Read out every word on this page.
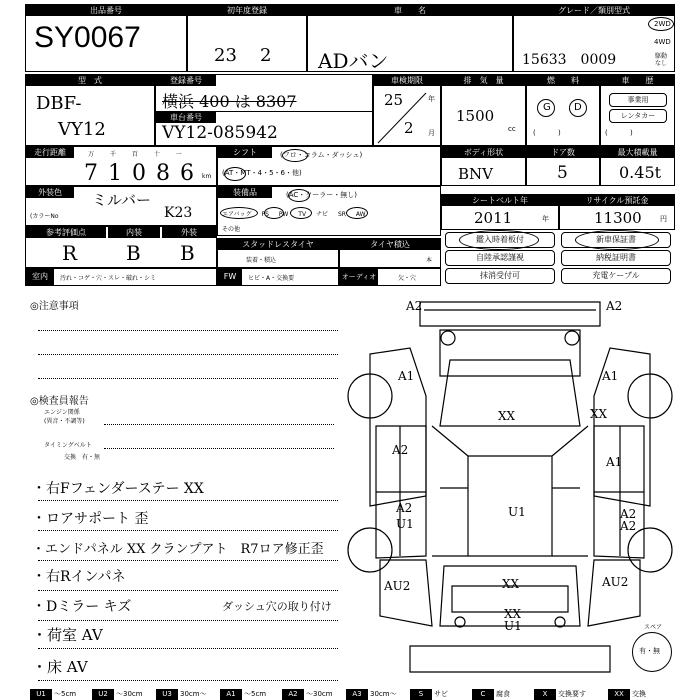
出品番号
SY0067
初年度登録
23 2
車　　名
ADバン
グレード／類別型式
15633　0009
2WD
4WD
駆動
なし
型　式
DBF-
VY12
登録番号
横浜 400 は 8307
車台番号
VY12-085942
車検期限
25	年
2 月
排　気　量
1500
cc
燃　　料
G D
(          )
車　　歴
事業用
レンタカー
(          )
走行距離	万	千	百	十	一
7 1 0 8 6 km
シフト	(フロ・コラム・ダッシュ)
(AT・MT・4・5・6・他)
ボディ形状
BNV
ドア数
5
最大積載量
0.45t
外装色	ミルバー
(カラーNo	K23
装備品	(AC・クーラー・無し)
エアバッグ PS PW TV ナビ SR AW
その他
シートベルト年
2011	年
リサイクル預託金
11300	円
参考評価点	内装	外装
R B B	スタッドレスタイヤ
装着・積込
タイヤ積込
本
鑑入時着板付	新車保証書
自陸承認謹視	納税証明書
抹消受付可	充電ケーブル
室内	汚れ・コゲ・穴・スレ・破れ・シミ	FW	ヒビ・A・交換要	オーディオ	欠・穴
◎注意事項
◎検査員報告
エンジン関係
(異音・不調等)
タイミングベルト
交換　有・無
・右Fフェンダーステー XX
・ロアサポート 歪
・エンドパネル XX クランプアト　R7ロア修正歪
・右Rインパネ
・Dミラー キズ	ダッシュ穴の取り付け
・荷室 AV
・床 AV
A2	A2
A1	A1
XX
A2
A1
A2	U1
U1
A2
A2
AU2	XX	AU2
XX
U1
XX
スペア
有・無
U1	〜5cm	U2	〜30cm	U3	30cm〜	A1	〜5cm	A2	〜30cm	A3	30cm〜	S	サビ	C	腐食	X	交換要す	XX	交換
